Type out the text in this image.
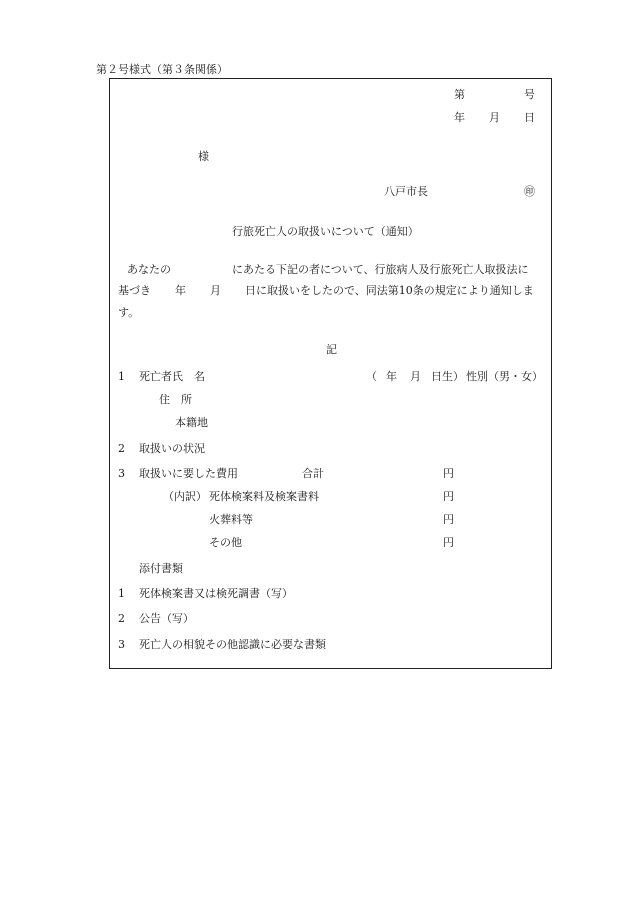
第２号様式（第３条関係）
第	号
年 月 日
様
八戸市長	㊞
行旅死亡人の取扱いについて（通知）
あなたの	にあたる下記の者について、行旅病人及行旅死亡人取扱法に
基づき 年 月 日に取扱いをしたので、同法第10条の規定により通知しま
す。
記
1 死亡者氏　名	（ 年 月 日生） 性別（男・女）
住　所
本籍地
2 取扱いの状況
3 取扱いに要した費用	合計	円
（内訳） 死体検案料及検案書料	円
火葬料等	円
その他	円
添付書類
1 死体検案書又は検死調書（写）
2 公告（写）
3 死亡人の相貌その他認識に必要な書類
